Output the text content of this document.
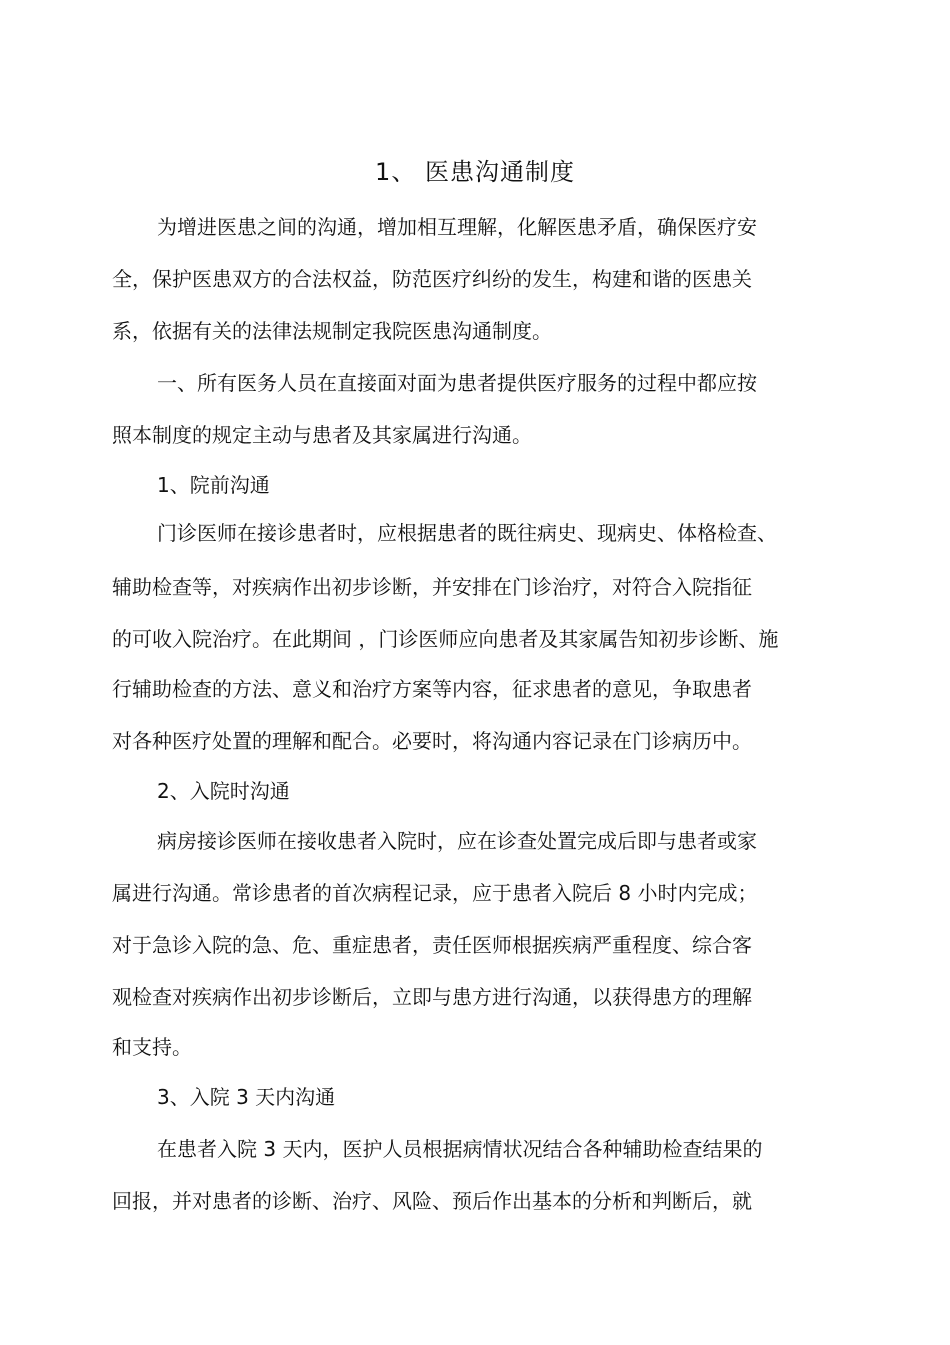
1、 医患沟通制度
为增进医患之间的沟通，增加相互理解，化解医患矛盾，确保医疗安
全，保护医患双方的合法权益，防范医疗纠纷的发生，构建和谐的医患关
系，依据有关的法律法规制定我院医患沟通制度。
一、所有医务人员在直接面对面为患者提供医疗服务的过程中都应按
照本制度的规定主动与患者及其家属进行沟通。
1、院前沟通
门诊医师在接诊患者时，应根据患者的既往病史、现病史、体格检查、
辅助检查等，对疾病作出初步诊断，并安排在门诊治疗，对符合入院指征
的可收入院治疗。在此期间 ，门诊医师应向患者及其家属告知初步诊断、施
行辅助检查的方法、意义和治疗方案等内容，征求患者的意见，争取患者
对各种医疗处置的理解和配合。必要时，将沟通内容记录在门诊病历中。
2、入院时沟通
病房接诊医师在接收患者入院时，应在诊查处置完成后即与患者或家
属进行沟通。常诊患者的首次病程记录，应于患者入院后 8 小时内完成；
对于急诊入院的急、危、重症患者，责任医师根据疾病严重程度、综合客
观检查对疾病作出初步诊断后，立即与患方进行沟通，以获得患方的理解
和支持。
3、入院 3 天内沟通
在患者入院 3 天内，医护人员根据病情状况结合各种辅助检查结果的
回报，并对患者的诊断、治疗、风险、预后作出基本的分析和判断后，就
